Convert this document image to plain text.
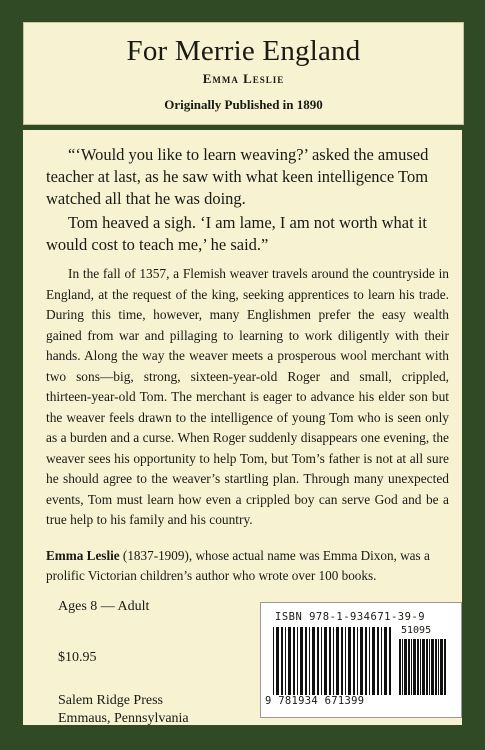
For Merrie England
Emma Leslie
Originally Published in 1890

“‘Would you like to learn weaving?’ asked the amused teacher at last, as he saw with what keen intelligence Tom watched all that he was doing.

Tom heaved a sigh. ‘I am lame, I am not worth what it would cost to teach me,’ he said.”

In the fall of 1357, a Flemish weaver travels around the countryside in England, at the request of the king, seeking apprentices to learn his trade. During this time, however, many Englishmen prefer the easy wealth gained from war and pillaging to learning to work diligently with their hands. Along the way the weaver meets a prosperous wool merchant with two sons—big, strong, sixteen-year-old Roger and small, crippled, thirteen-year-old Tom. The merchant is eager to advance his elder son but the weaver feels drawn to the intelligence of young Tom who is seen only as a burden and a curse. When Roger suddenly disappears one evening, the weaver sees his opportunity to help Tom, but Tom’s father is not at all sure he should agree to the weaver’s startling plan. Through many unexpected events, Tom must learn how even a crippled boy can serve God and be a true help to his family and his country.

Emma Leslie (1837-1909), whose actual name was Emma Dixon, was a prolific Victorian children’s author who wrote over 100 books.

Ages 8 — Adult

$10.95

Salem Ridge Press
Emmaus, Pennsylvania

ISBN 978-1-934671-39-9
51095
9 781934 671399
